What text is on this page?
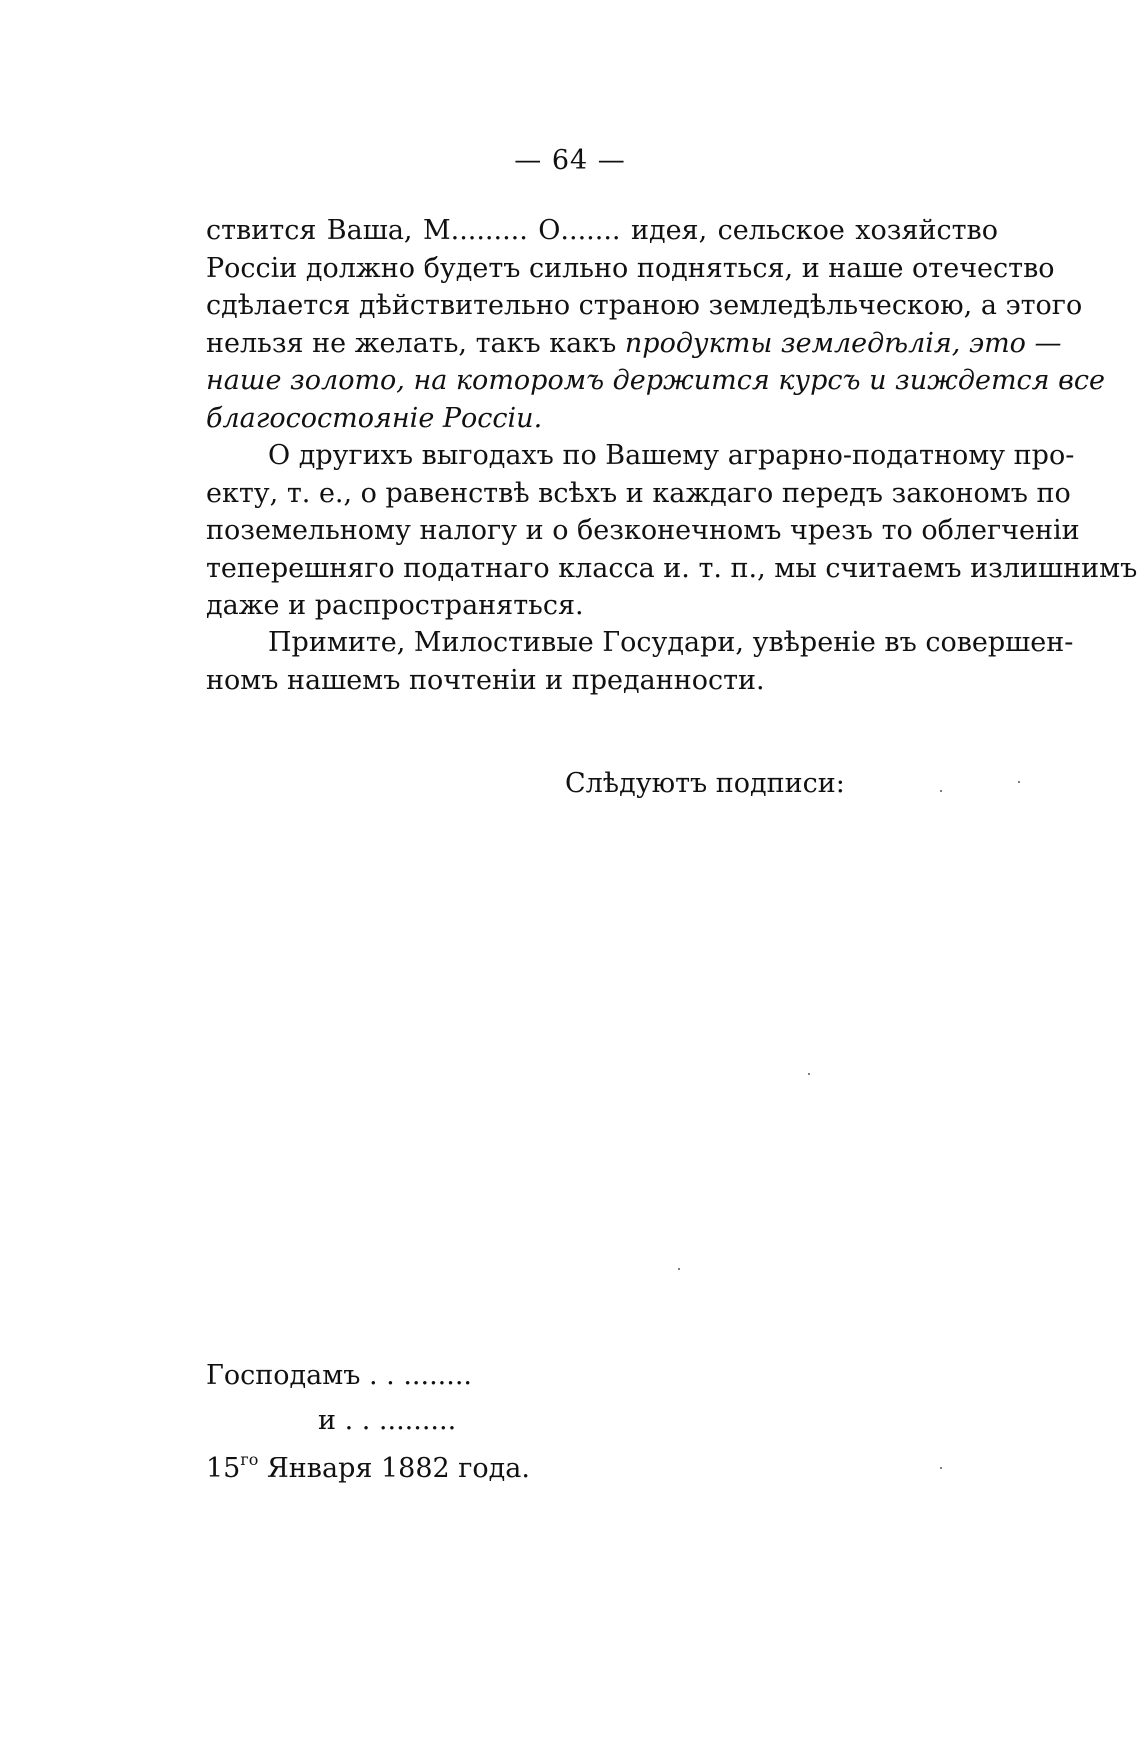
— 64 —
ствится Ваша, М......... О....... идея, сельское хозяйство
Россіи должно будетъ сильно подняться, и наше отечество
сдѣлается дѣйствительно страною земледѣльческою, а этого
нельзя не желать, такъ какъ продукты земледѣлія, это —
наше золото, на которомъ держится курсъ и зиждется все
благосостояніе Россіи.
О другихъ выгодахъ по Вашему аграрно-податному про-
екту, т. е., о равенствѣ всѣхъ и каждаго передъ закономъ по
поземельному налогу и о безконечномъ чрезъ то облегченіи
теперешняго податнаго класса и. т. п., мы считаемъ излишнимъ
даже и распространяться.
Примите, Милостивые Государи, увѣреніе въ совершен-
номъ нашемъ почтеніи и преданности.
Слѣдуютъ подписи:
Господамъ . . ........
и . . .........
$15^{го}$ Января 1882 года.
